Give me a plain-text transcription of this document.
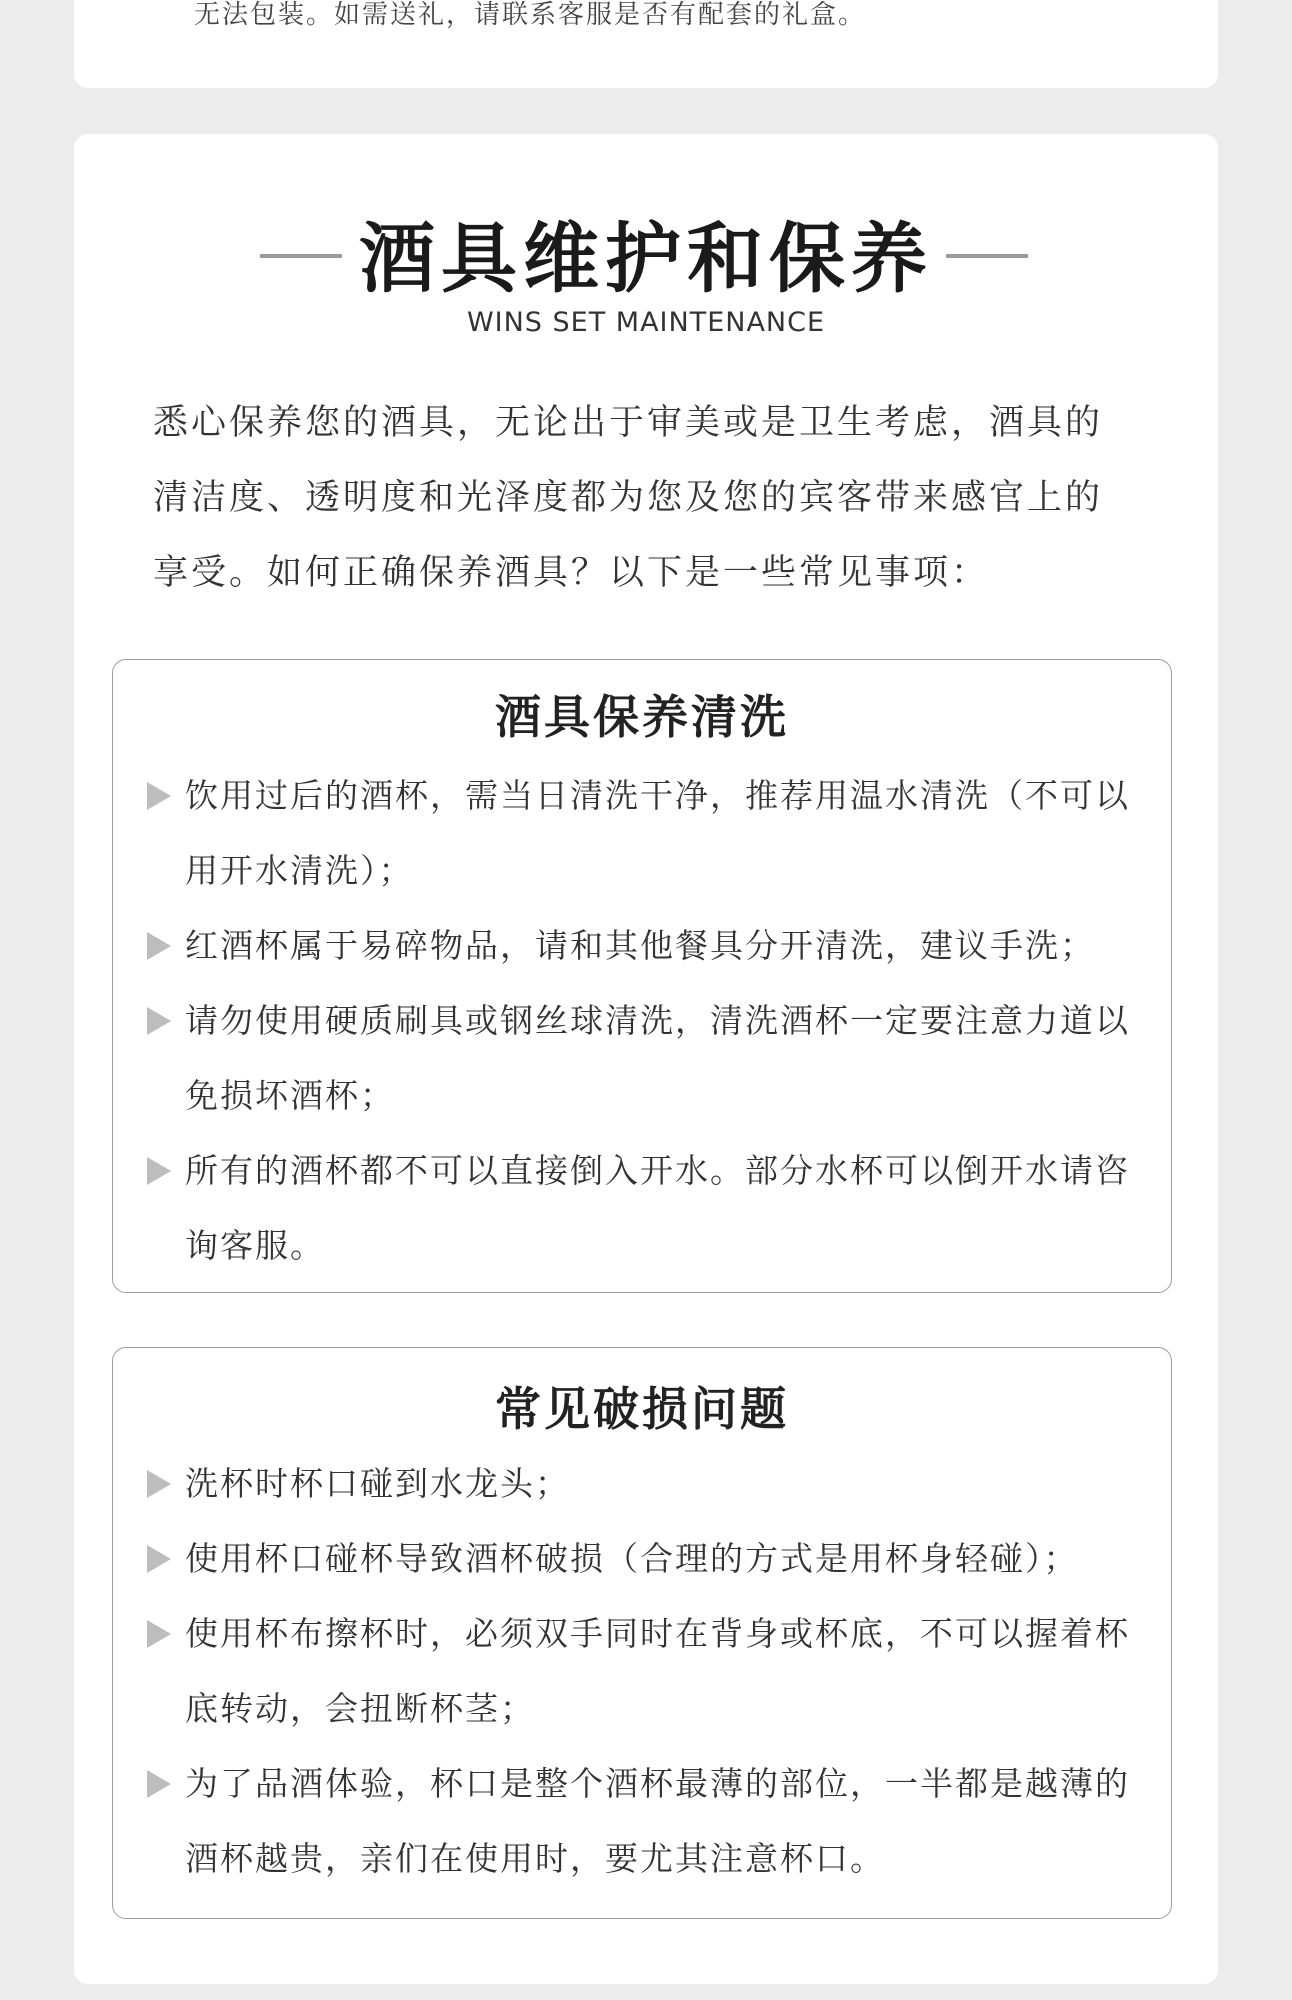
无法包装。如需送礼，请联系客服是否有配套的礼盒。
酒具维护和保养
WINS SET MAINTENANCE

悉心保养您的酒具，无论出于审美或是卫生考虑，酒具的

清洁度、透明度和光泽度都为您及您的宾客带来感官上的

享受。如何正确保养酒具？以下是一些常见事项：

酒具保养清洗
饮用过后的酒杯，需当日清洗干净，推荐用温水清洗（不可以
用开水清洗）；
红酒杯属于易碎物品，请和其他餐具分开清洗，建议手洗；
请勿使用硬质刷具或钢丝球清洗，清洗酒杯一定要注意力道以
免损坏酒杯；
所有的酒杯都不可以直接倒入开水。部分水杯可以倒开水请咨
询客服。
常见破损问题
洗杯时杯口碰到水龙头；
使用杯口碰杯导致酒杯破损（合理的方式是用杯身轻碰）；
使用杯布擦杯时，必须双手同时在背身或杯底，不可以握着杯
底转动，会扭断杯茎；
为了品酒体验，杯口是整个酒杯最薄的部位，一半都是越薄的
酒杯越贵，亲们在使用时，要尤其注意杯口。
